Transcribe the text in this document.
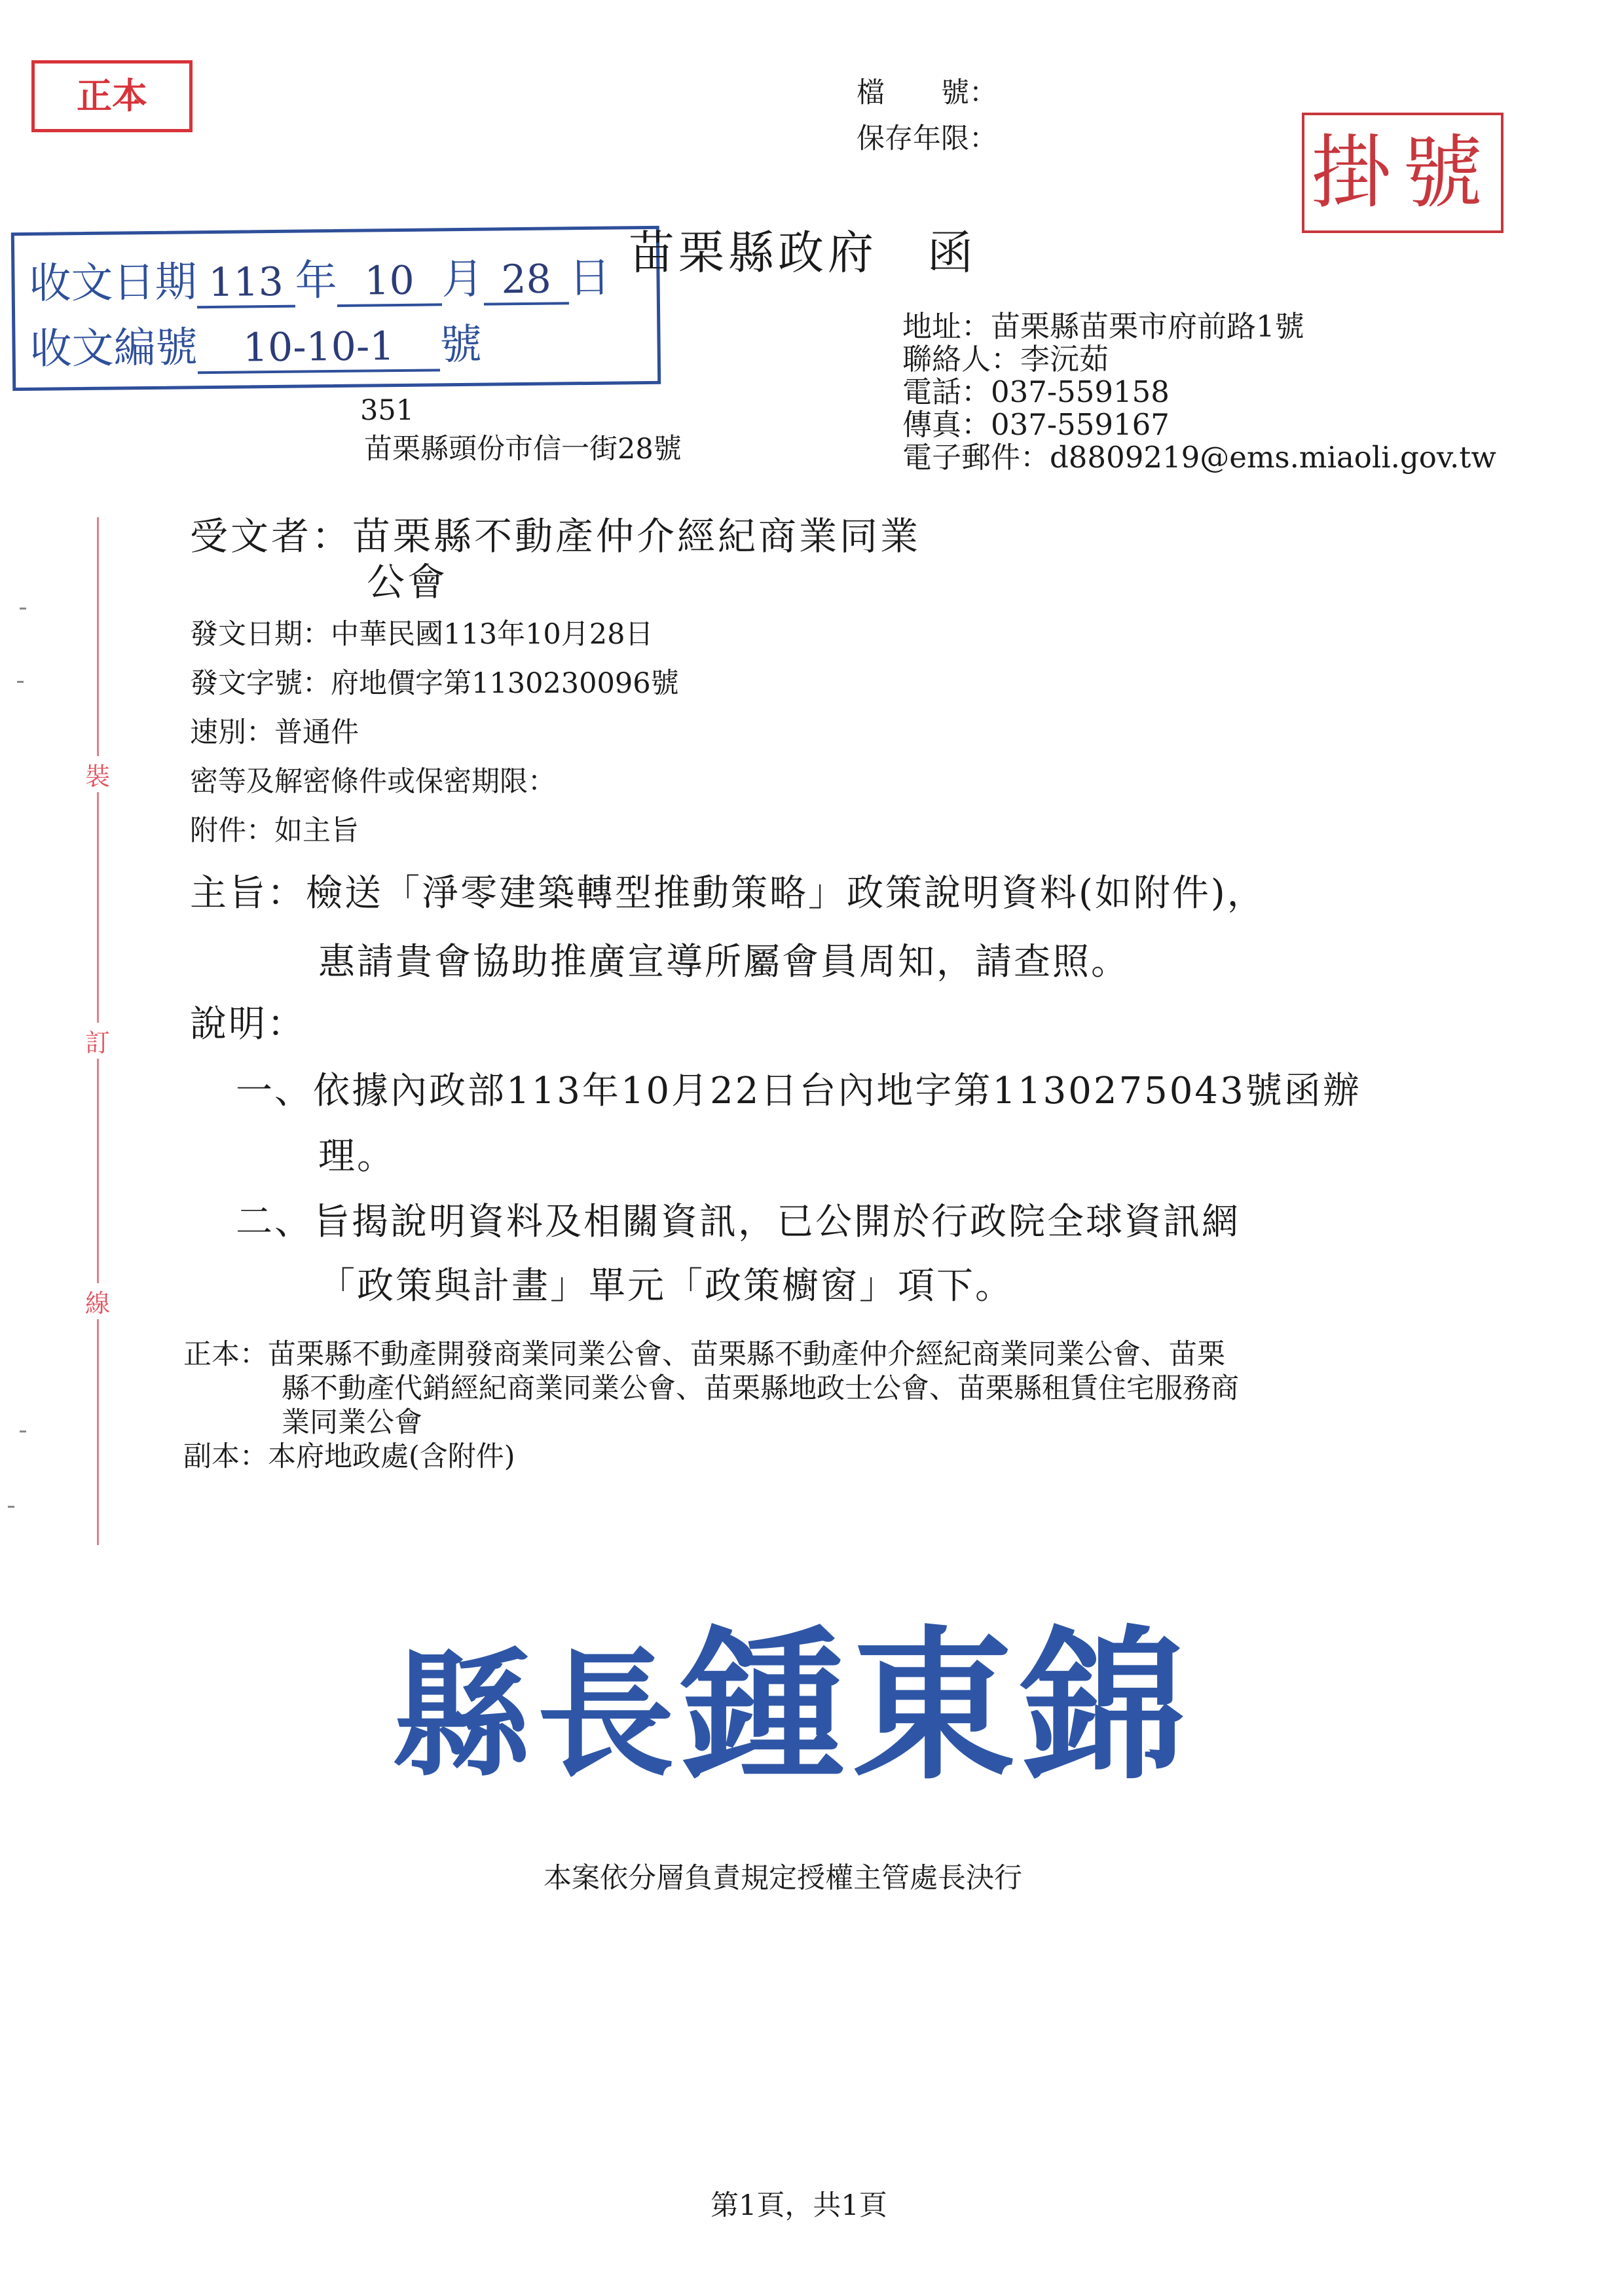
正本
掛號
收文日期 113 年 10 月 28 日
收文編號 10-10-1 號
檔　　號：
保存年限：
苗栗縣政府　函
351
苗栗縣頭份市信一街28號
地址：苗栗縣苗栗市府前路1號
聯絡人：李沅茹
電話：037-559158
傳真：037-559167
電子郵件：d8809219@ems.miaoli.gov.tw
裝
訂
線
受文者：苗栗縣不動產仲介經紀商業同業
公會
發文日期：中華民國113年10月28日
發文字號：府地價字第1130230096號
速別：普通件
密等及解密條件或保密期限：
附件：如主旨
主旨：檢送「淨零建築轉型推動策略」政策說明資料(如附件)，
惠請貴會協助推廣宣導所屬會員周知，請查照。
說明：
一、依據內政部113年10月22日台內地字第1130275043號函辦
理。
二、旨揭說明資料及相關資訊，已公開於行政院全球資訊網
「政策與計畫」單元「政策櫥窗」項下。
正本：苗栗縣不動產開發商業同業公會、苗栗縣不動產仲介經紀商業同業公會、苗栗
縣不動產代銷經紀商業同業公會、苗栗縣地政士公會、苗栗縣租賃住宅服務商
業同業公會
副本：本府地政處(含附件)
縣長鍾東錦
本案依分層負責規定授權主管處長決行
第1頁，共1頁
